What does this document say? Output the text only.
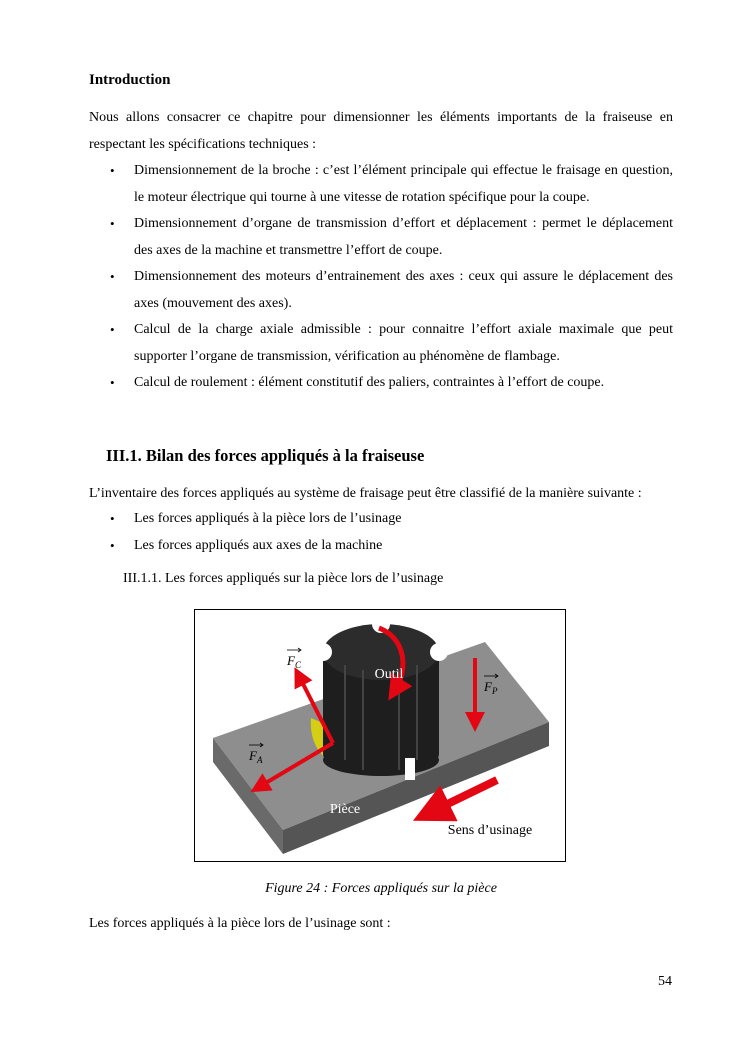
Introduction
Nous allons consacrer ce chapitre pour dimensionner les éléments importants de la fraiseuse en respectant les spécifications techniques :
• Dimensionnement de la broche : c’est l’élément principale qui effectue le fraisage en question, le moteur électrique qui tourne à une vitesse de rotation spécifique pour la coupe.
• Dimensionnement d’organe de transmission d’effort et déplacement : permet le déplacement des axes de la machine et transmettre l’effort de coupe.
• Dimensionnement des moteurs d’entrainement des axes : ceux qui assure le déplacement des axes (mouvement des axes).
• Calcul de la charge axiale admissible : pour connaitre l’effort axiale maximale que peut supporter l’organe de transmission, vérification au phénomène de flambage.
• Calcul de roulement : élément constitutif des paliers, contraintes à l’effort de coupe.
III.1. Bilan des forces appliqués à la fraiseuse
L’inventaire des forces appliqués au système de fraisage peut être classifié de la manière suivante :
• Les forces appliqués à la pièce lors de l’usinage
• Les forces appliqués aux axes de la machine
III.1.1. Les forces appliqués sur la pièce lors de l’usinage
Outil
Pièce
Sens d’usinage
F C
F P
F A
Figure 24 : Forces appliqués sur la pièce
Les forces appliqués à la pièce lors de l’usinage sont :
54
